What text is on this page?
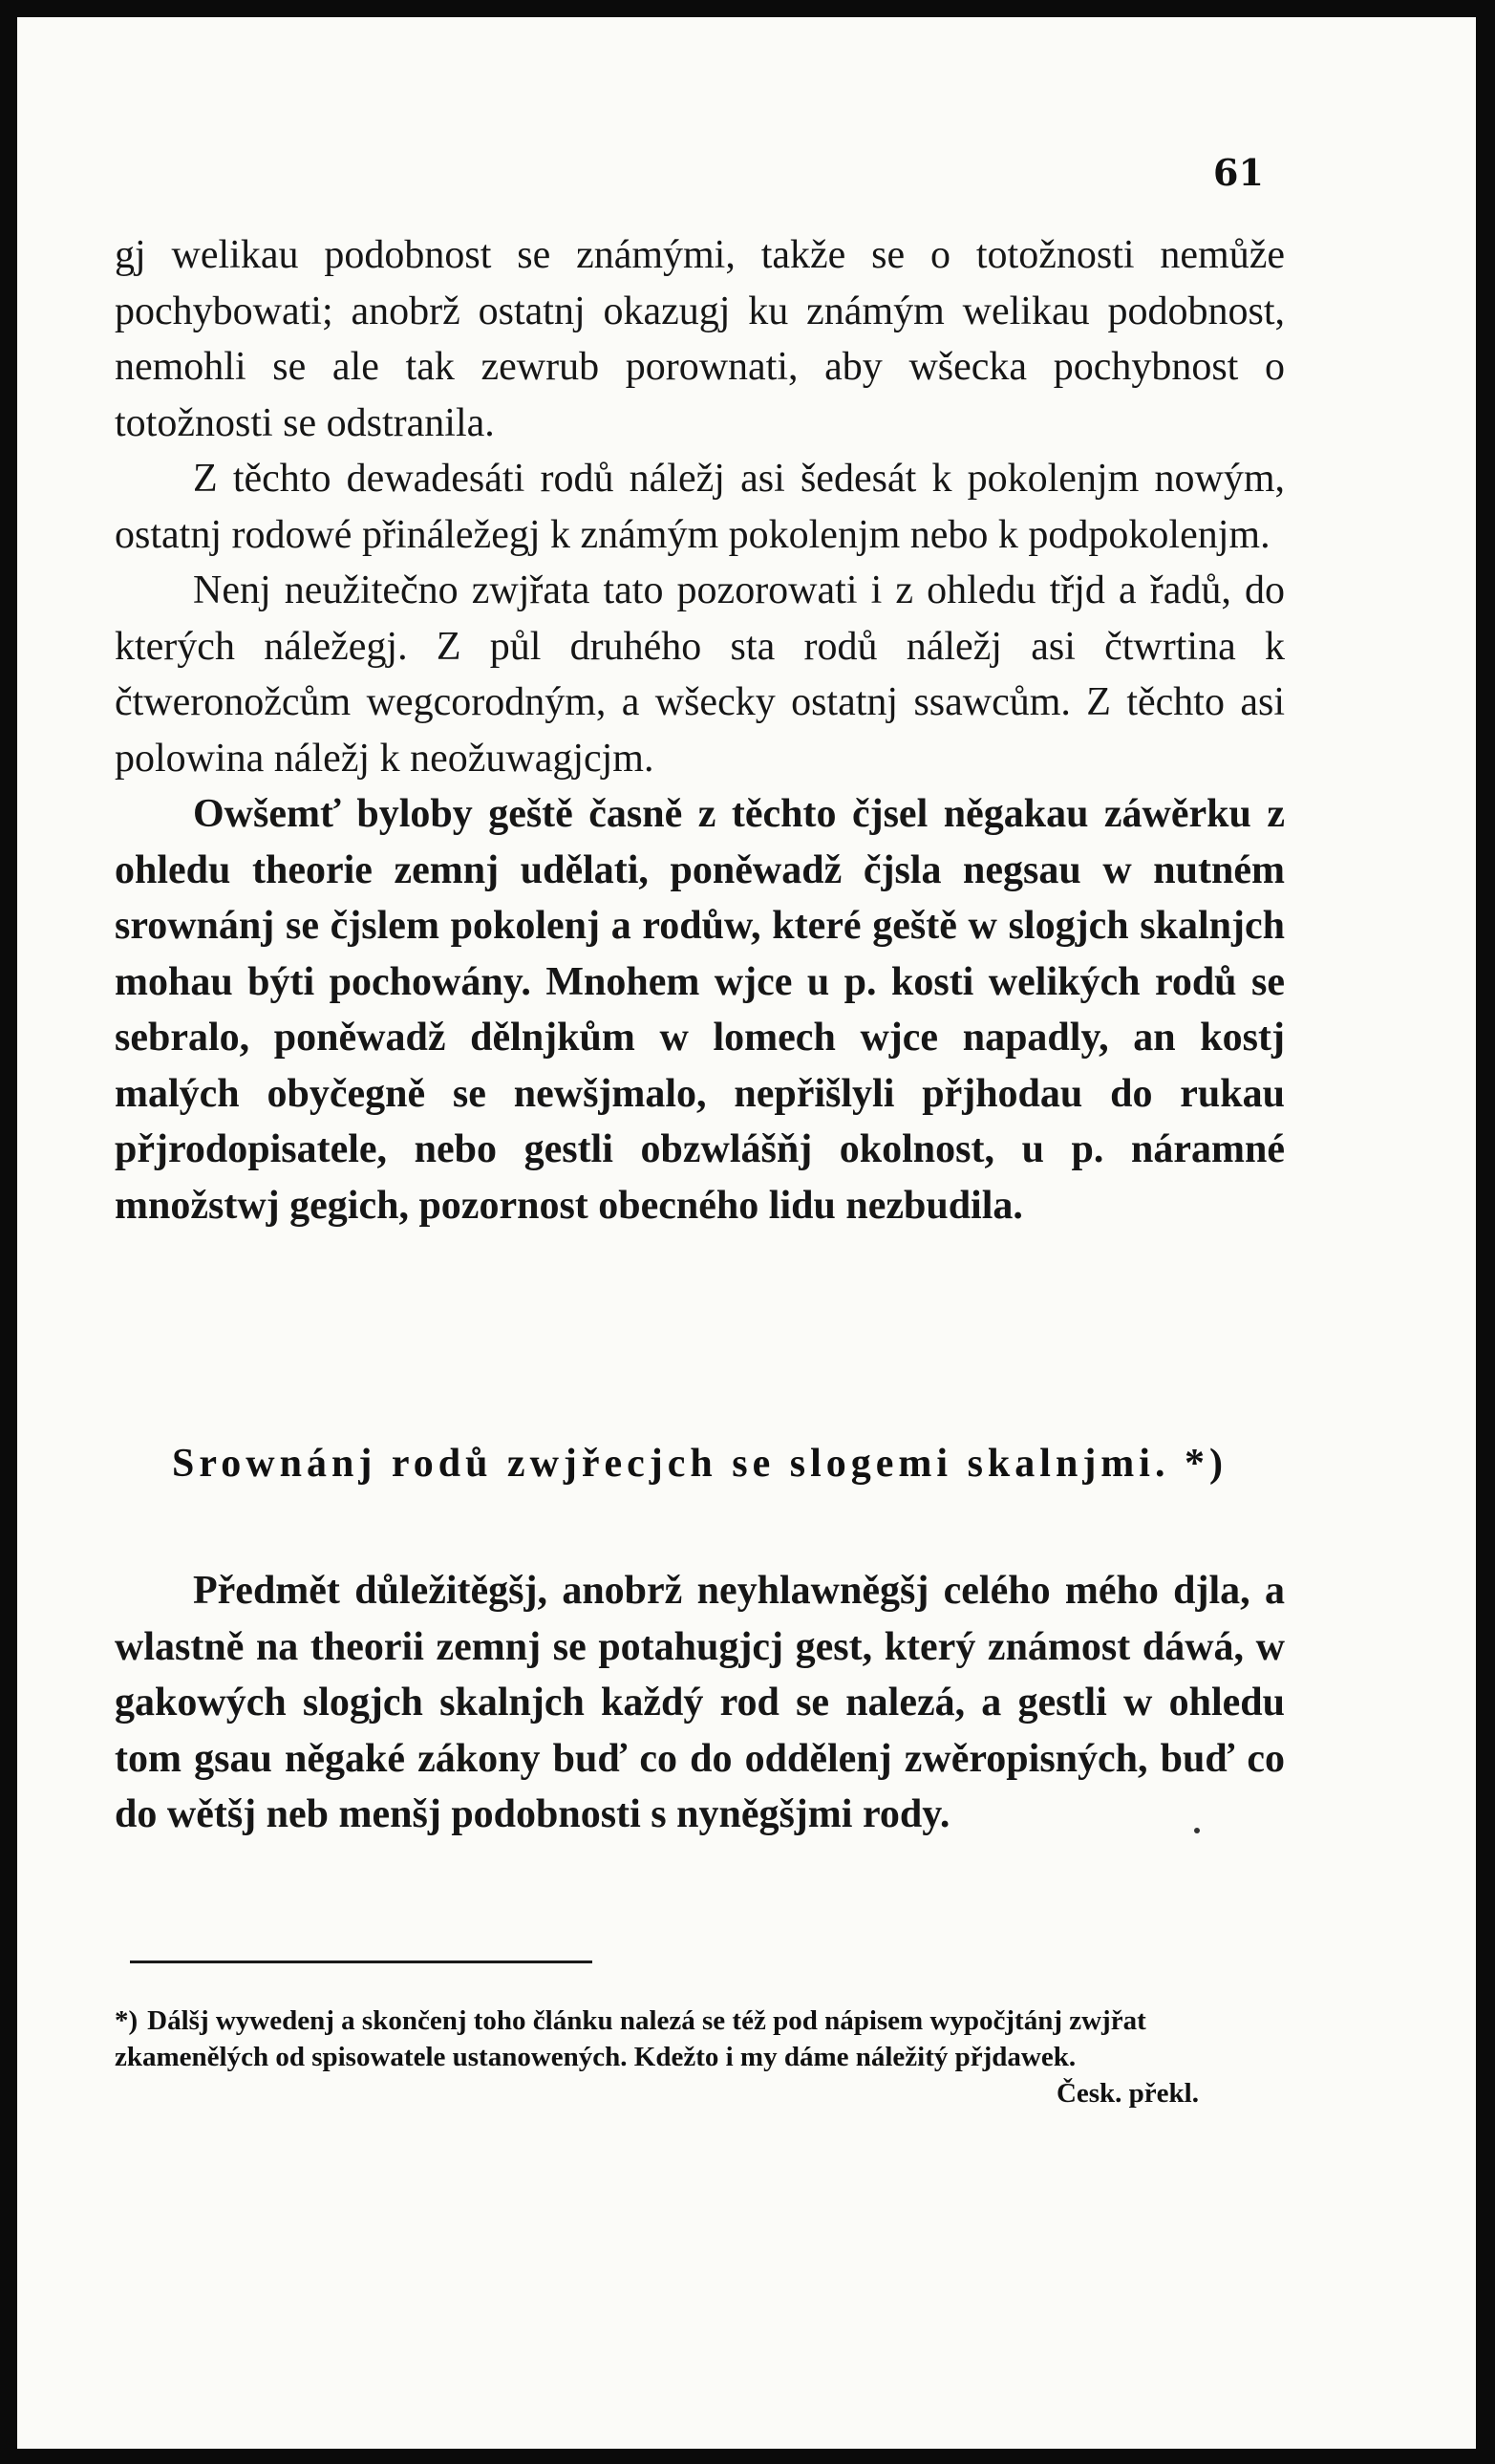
61

gj welikau podobnost se známými, takže se o totožnosti nemůže pochybowati; anobrž ostatnj okazugj ku známým welikau podobnost, nemohli se ale tak zewrub porownati, aby wšecka pochybnost o totožnosti se odstranila.

Z těchto dewadesáti rodů náležj asi šedesát k pokolenjm nowým, ostatnj rodowé přináležegj k známým pokolenjm nebo k podpokolenjm.

Nenj neužitečno zwjřata tato pozorowati i z ohledu třjd a řadů, do kterých náležegj. Z půl druhého sta rodů náležj asi čtwrtina k čtweronožcům wegcorodným, a wšecky ostatnj ssawcům. Z těchto asi polowina náležj k neožuwagjcjm.

Owšemť byloby geště časně z těchto čjsel něgakau záwěrku z ohledu theorie zemnj udělati, poněwadž čjsla negsau w nutném srownánj se čjslem pokolenj a rodůw, které geště w slogjch skalnjch mohau býti pochowány. Mnohem wjce u p. kosti welikých rodů se sebralo, poněwadž dělnjkům w lomech wjce napadly, an kostj malých obyčegně se newšjmalo, nepřišlyli přjhodau do rukau přjrodopisatele, nebo gestli obzwlášňj okolnost, u p. náramné množstwj gegich, pozornost obecného lidu nezbudila.

Srownánj rodů zwjřecjch se slogemi skalnjmi. *)

Předmět důležitěgšj, anobrž neyhlawněgšj celého mého djla, a wlastně na theorii zemnj se potahugjcj gest, který známost dáwá, w gakowých slogjch skalnjch každý rod se nalezá, a gestli w ohledu tom gsau něgaké zákony buď co do oddělenj zwěropisných, buď co do wětšj neb menšj podobnosti s nyněgšjmi rody.

*) Dálšj wywedenj a skončenj toho článku nalezá se též pod nápisem wypočjtánj zwjřat zkamenělých od spisowatele ustanowených. Kdežto i my dáme náležitý přjdawek.
Česk. překl.
